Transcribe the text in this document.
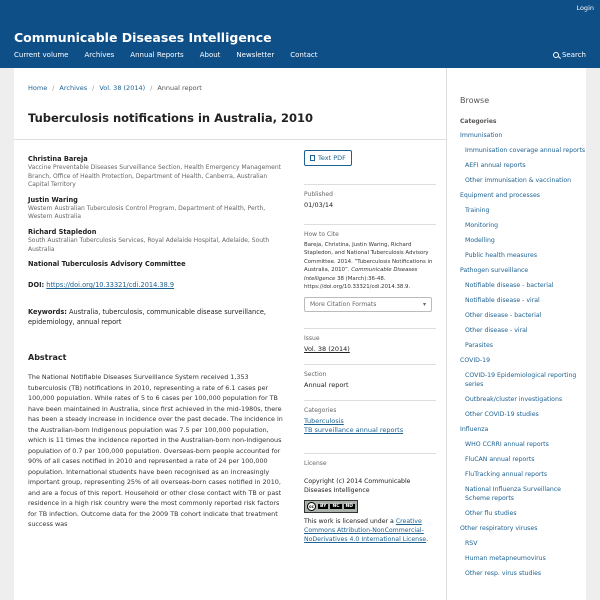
Login
Communicable Diseases Intelligence
Current volume Archives Annual Reports About Newsletter Contact	Search
Home / Archives / Vol. 38 (2014) / Annual report
Tuberculosis notifications in Australia, 2010
Christina Bareja
Vaccine Preventable Diseases Surveillance Section, Health Emergency Management Branch, Office of Health Protection, Department of Health, Canberra, Australian Capital Territory
Justin Waring
Western Australian Tuberculosis Control Program, Department of Health, Perth, Western Australia
Richard Stapledon
South Australian Tuberculosis Services, Royal Adelaide Hospital, Adelaide, South Australia
National Tuberculosis Advisory Committee
DOI: https://doi.org/10.33321/cdi.2014.38.9
Keywords: Australia, tuberculosis, communicable disease surveillance, epidemiology, annual report
Abstract

The National Notifiable Diseases Surveillance System received 1,353 tuberculosis (TB) notifications in 2010, representing a rate of 6.1 cases per 100,000 population. While rates of 5 to 6 cases per 100,000 population for TB have been maintained in Australia, since first achieved in the mid-1980s, there has been a steady increase in incidence over the past decade. The incidence in the Australian-born Indigenous population was 7.5 per 100,000 population, which is 11 times the incidence reported in the Australian-born non-Indigenous population of 0.7 per 100,000 population. Overseas-born people accounted for 90% of all cases notified in 2010 and represented a rate of 24 per 100,000 population. International students have been recognised as an increasingly important group, representing 25% of all overseas-born cases notified in 2010, and are a focus of this report. Household or other close contact with TB or past residence in a high risk country were the most commonly reported risk factors for TB infection. Outcome data for the 2009 TB cohort indicate that treatment success was

Text PDF
Published
01/03/14
How to Cite
Bareja, Christina, Justin Waring, Richard Stapledon, and National Tuberculosis Advisory Committee. 2014. “Tuberculosis Notifications in Australia, 2010”. Communicable Diseases Intelligence 38 (March):36-48. https://doi.org/10.33321/cdi.2014.38.9.
More Citation Formats	▾
Issue
Vol. 38 (2014)
Section
Annual report
Categories
Tuberculosis
TB surveillance annual reports
License
Copyright (c) 2014 Communicable Diseases Intelligence
cc	BY	NC	ND
This work is licensed under a Creative Commons Attribution-NonCommercial-NoDerivatives 4.0 International License.
Browse
Categories
Immunisation
Immunisation coverage annual reports
AEFI annual reports
Other immunisation & vaccination
Equipment and processes
Training
Monitoring
Modelling
Public health measures
Pathogen surveillance
Notifiable disease - bacterial
Notifiable disease - viral
Other disease - bacterial
Other disease - viral
Parasites
COVID-19
COVID-19 Epidemiological reporting series
Outbreak/cluster investigations
Other COVID-19 studies
Influenza
WHO CCRRI annual reports
FluCAN annual reports
FluTracking annual reports
National Influenza Surveillance Scheme reports
Other flu studies
Other respiratory viruses
RSV
Human metapneumovirus
Other resp. virus studies
